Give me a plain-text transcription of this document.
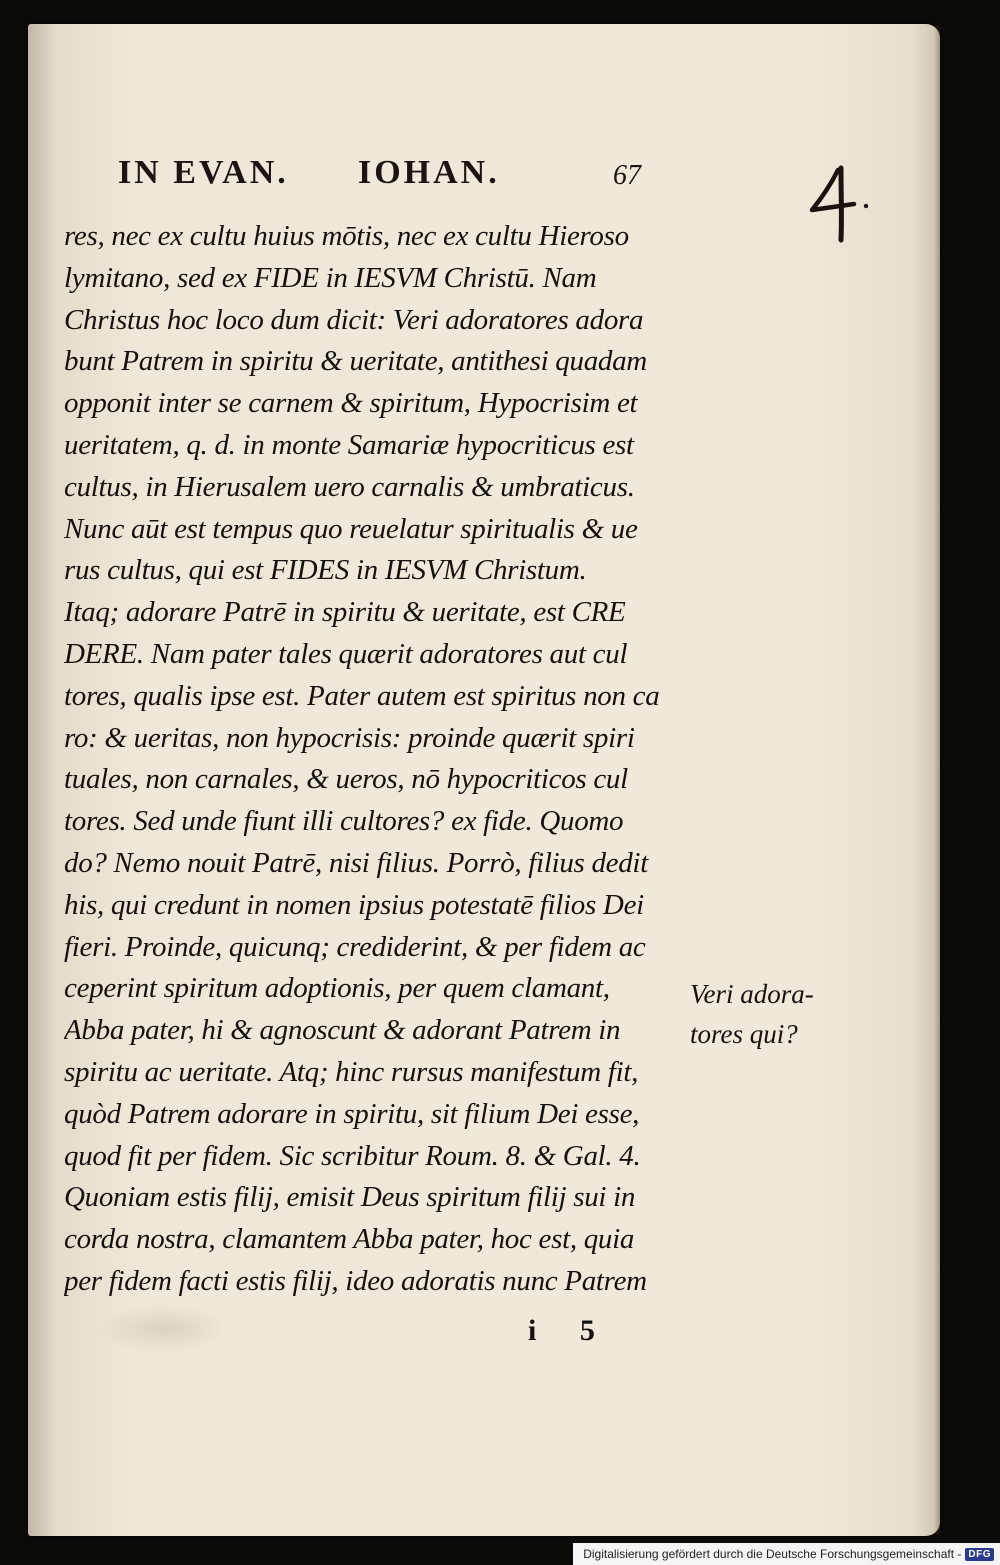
IN EVAN. IOHAN.	67
res, nec ex cultu huius mōtis, nec ex cultu Hieroso
lymitano, sed ex FIDE in IESVM Christū. Nam
Christus hoc loco dum dicit: Veri adoratores adora
bunt Patrem in spiritu & ueritate, antithesi quadam
opponit inter se carnem & spiritum, Hypocrisim et
ueritatem, q. d. in monte Samariæ hypocriticus est
cultus, in Hierusalem uero carnalis & umbraticus.
Nunc aūt est tempus quo reuelatur spiritualis & ue
rus cultus, qui est FIDES in IESVM Christum.
Itaq; adorare Patrē in spiritu & ueritate, est CRE
DERE. Nam pater tales quærit adoratores aut cul
tores, qualis ipse est. Pater autem est spiritus non ca
ro: & ueritas, non hypocrisis: proinde quærit spiri
tuales, non carnales, & ueros, nō hypocriticos cul
tores. Sed unde fiunt illi cultores? ex fide. Quomo
do? Nemo nouit Patrē, nisi filius. Porrò, filius dedit
his, qui credunt in nomen ipsius potestatē filios Dei
fieri. Proinde, quicunq; crediderint, & per fidem ac
ceperint spiritum adoptionis, per quem clamant,
Abba pater, hi & agnoscunt & adorant Patrem in
spiritu ac ueritate. Atq; hinc rursus manifestum fit,
quòd Patrem adorare in spiritu, sit filium Dei esse,
quod fit per fidem. Sic scribitur Roum. 8. & Gal. 4.
Quoniam estis filij, emisit Deus spiritum filij sui in
corda nostra, clamantem Abba pater, hoc est, quia
per fidem facti estis filij, ideo adoratis nunc Patrem
Veri adora-
tores qui?
i 5
Digitalisierung gefördert durch die Deutsche Forschungsgemeinschaft - DFG
